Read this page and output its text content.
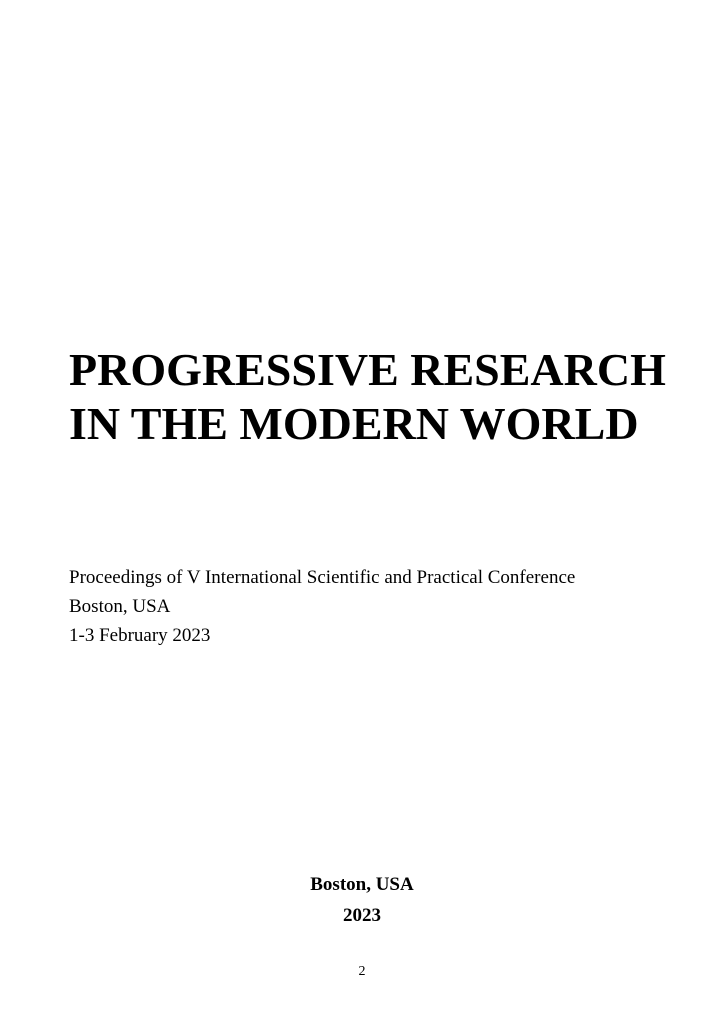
PROGRESSIVE RESEARCH
IN THE MODERN WORLD
Proceedings of V International Scientific and Practical Conference
Boston, USA
1-3 February 2023
Boston, USA
2023
2
